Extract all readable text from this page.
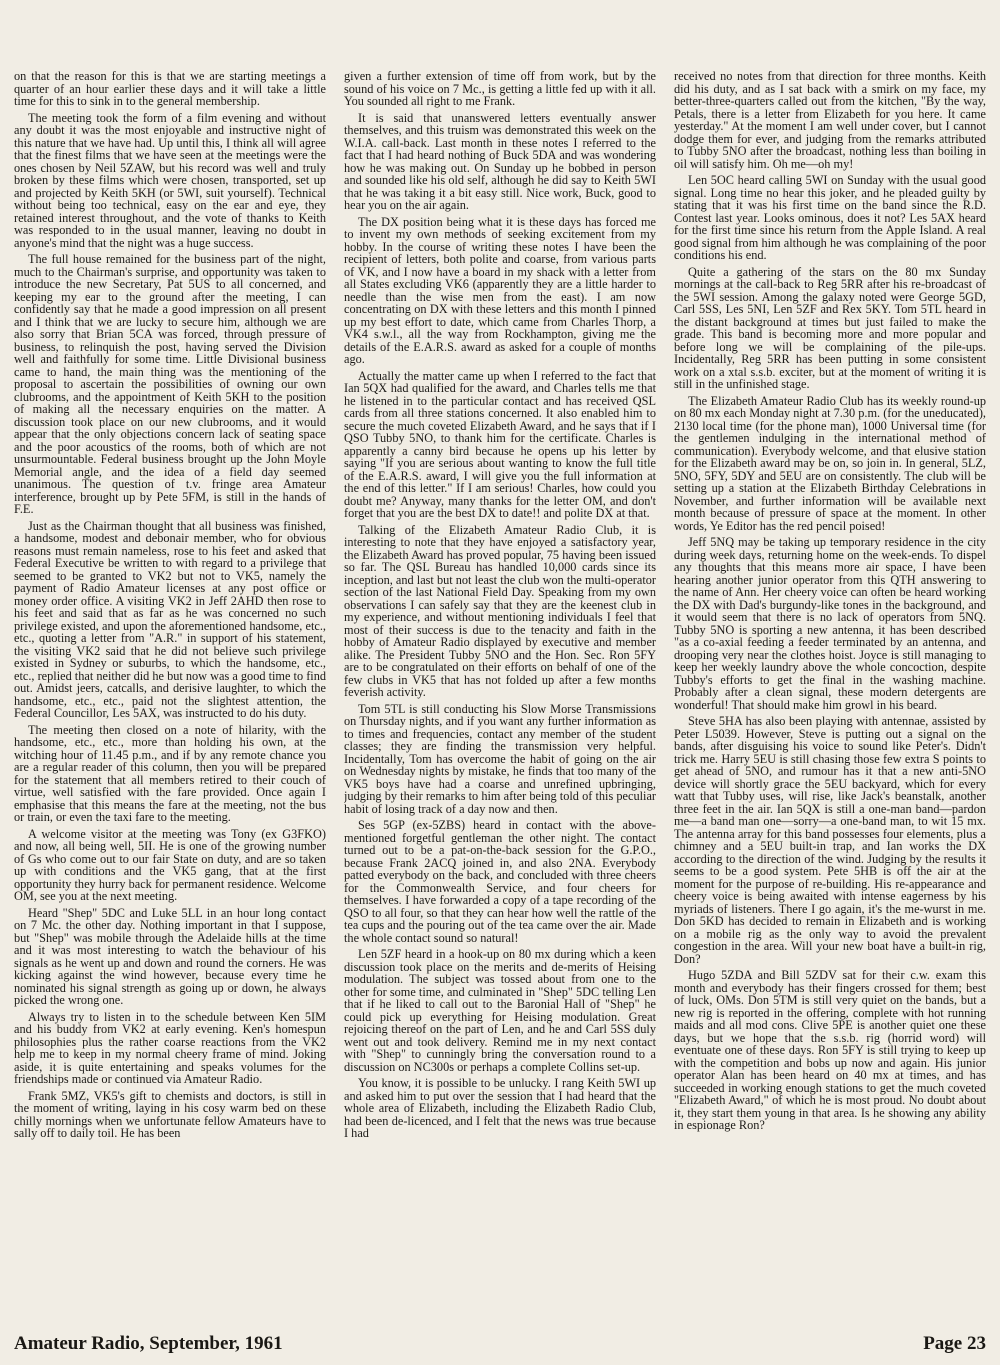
on that the reason for this is that we are starting meetings a quarter of an hour earlier these days and it will take a little time for this to sink in to the general membership.

The meeting took the form of a film evening and without any doubt it was the most enjoyable and instructive night of this nature that we have had. Up until this, I think all will agree that the finest films that we have seen at the meetings were the ones chosen by Neil 5ZAW, but his record was well and truly broken by these films which were chosen, transported, set up and projected by Keith 5KH (or 5WI, suit yourself). Technical without being too technical, easy on the ear and eye, they retained interest throughout, and the vote of thanks to Keith was responded to in the usual manner, leaving no doubt in anyone's mind that the night was a huge success.

The full house remained for the business part of the night, much to the Chairman's surprise, and opportunity was taken to introduce the new Secretary, Pat 5US to all concerned, and keeping my ear to the ground after the meeting, I can confidently say that he made a good impression on all present and I think that we are lucky to secure him, although we are also sorry that Brian 5CA was forced, through pressure of business, to relinquish the post, having served the Division well and faithfully for some time. Little Divisional business came to hand, the main thing was the mentioning of the proposal to ascertain the possibilities of owning our own clubrooms, and the appointment of Keith 5KH to the position of making all the necessary enquiries on the matter. A discussion took place on our new clubrooms, and it would appear that the only objections concern lack of seating space and the poor acoustics of the rooms, both of which are not unsurmountable. Federal business brought up the John Moyle Memorial angle, and the idea of a field day seemed unanimous. The question of t.v. fringe area Amateur interference, brought up by Pete 5FM, is still in the hands of F.E.

Just as the Chairman thought that all business was finished, a handsome, modest and debonair member, who for obvious reasons must remain nameless, rose to his feet and asked that Federal Executive be written to with regard to a privilege that seemed to be granted to VK2 but not to VK5, namely the payment of Radio Amateur licenses at any post office or money order office. A visiting VK2 in Jeff 2AHD then rose to his feet and said that as far as he was concerned no such privilege existed, and upon the aforementioned handsome, etc., etc., quoting a letter from "A.R." in support of his statement, the visiting VK2 said that he did not believe such privilege existed in Sydney or suburbs, to which the handsome, etc., etc., replied that neither did he but now was a good time to find out. Amidst jeers, catcalls, and derisive laughter, to which the handsome, etc., etc., paid not the slightest attention, the Federal Councillor, Les 5AX, was instructed to do his duty.

The meeting then closed on a note of hilarity, with the handsome, etc., etc., more than holding his own, at the witching hour of 11.45 p.m., and if by any remote chance you are a regular reader of this column, then you will be prepared for the statement that all members retired to their couch of virtue, well satisfied with the fare provided. Once again I emphasise that this means the fare at the meeting, not the bus or train, or even the taxi fare to the meeting.

A welcome visitor at the meeting was Tony (ex G3FKO) and now, all being well, 5II. He is one of the growing number of Gs who come out to our fair State on duty, and are so taken up with conditions and the VK5 gang, that at the first opportunity they hurry back for permanent residence. Welcome OM, see you at the next meeting.

Heard "Shep" 5DC and Luke 5LL in an hour long contact on 7 Mc. the other day. Nothing important in that I suppose, but "Shep" was mobile through the Adelaide hills at the time and it was most interesting to watch the behaviour of his signals as he went up and down and round the corners. He was kicking against the wind however, because every time he nominated his signal strength as going up or down, he always picked the wrong one.

Always try to listen in to the schedule between Ken 5IM and his buddy from VK2 at early evening. Ken's homespun philosophies plus the rather coarse reactions from the VK2 help me to keep in my normal cheery frame of mind. Joking aside, it is quite entertaining and speaks volumes for the friendships made or continued via Amateur Radio.

Frank 5MZ, VK5's gift to chemists and doctors, is still in the moment of writing, laying in his cosy warm bed on these chilly mornings when we unfortunate fellow Amateurs have to sally off to daily toil. He has been

given a further extension of time off from work, but by the sound of his voice on 7 Mc., is getting a little fed up with it all. You sounded all right to me Frank.

It is said that unanswered letters eventually answer themselves, and this truism was demonstrated this week on the W.I.A. call-back. Last month in these notes I referred to the fact that I had heard nothing of Buck 5DA and was wondering how he was making out. On Sunday up he bobbed in person and sounded like his old self, although he did say to Keith 5WI that he was taking it a bit easy still. Nice work, Buck, good to hear you on the air again.

The DX position being what it is these days has forced me to invent my own methods of seeking excitement from my hobby. In the course of writing these notes I have been the recipient of letters, both polite and coarse, from various parts of VK, and I now have a board in my shack with a letter from all States excluding VK6 (apparently they are a little harder to needle than the wise men from the east). I am now concentrating on DX with these letters and this month I pinned up my best effort to date, which came from Charles Thorp, a VK4 s.w.l., all the way from Rockhampton, giving me the details of the E.A.R.S. award as asked for a couple of months ago.

Actually the matter came up when I referred to the fact that Ian 5QX had qualified for the award, and Charles tells me that he listened in to the particular contact and has received QSL cards from all three stations concerned. It also enabled him to secure the much coveted Elizabeth Award, and he says that if I QSO Tubby 5NO, to thank him for the certificate. Charles is apparently a canny bird because he opens up his letter by saying "If you are serious about wanting to know the full title of the E.A.R.S. award, I will give you the full information at the end of this letter." If I am serious! Charles, how could you doubt me? Anyway, many thanks for the letter OM, and don't forget that you are the best DX to date!! and polite DX at that.

Talking of the Elizabeth Amateur Radio Club, it is interesting to note that they have enjoyed a satisfactory year, the Elizabeth Award has proved popular, 75 having been issued so far. The QSL Bureau has handled 10,000 cards since its inception, and last but not least the club won the multi-operator section of the last National Field Day. Speaking from my own observations I can safely say that they are the keenest club in my experience, and without mentioning individuals I feel that most of their success is due to the tenacity and faith in the hobby of Amateur Radio displayed by executive and member alike. The President Tubby 5NO and the Hon. Sec. Ron 5FY are to be congratulated on their efforts on behalf of one of the few clubs in VK5 that has not folded up after a few months feverish activity.

Tom 5TL is still conducting his Slow Morse Transmissions on Thursday nights, and if you want any further information as to times and frequencies, contact any member of the student classes; they are finding the transmission very helpful. Incidentally, Tom has overcome the habit of going on the air on Wednesday nights by mistake, he finds that too many of the VK5 boys have had a coarse and unrefined upbringing, judging by their remarks to him after being told of this peculiar habit of losing track of a day now and then.

Ses 5GP (ex-5ZBS) heard in contact with the above-mentioned forgetful gentleman the other night. The contact turned out to be a pat-on-the-back session for the G.P.O., because Frank 2ACQ joined in, and also 2NA. Everybody patted everybody on the back, and concluded with three cheers for the Commonwealth Service, and four cheers for themselves. I have forwarded a copy of a tape recording of the QSO to all four, so that they can hear how well the rattle of the tea cups and the pouring out of the tea came over the air. Made the whole contact sound so natural!

Len 5ZF heard in a hook-up on 80 mx during which a keen discussion took place on the merits and de-merits of Heising modulation. The subject was tossed about from one to the other for some time, and culminated in "Shep" 5DC telling Len that if he liked to call out to the Baronial Hall of "Shep" he could pick up everything for Heising modulation. Great rejoicing thereof on the part of Len, and he and Carl 5SS duly went out and took delivery. Remind me in my next contact with "Shep" to cunningly bring the conversation round to a discussion on NC300s or perhaps a complete Collins set-up.

You know, it is possible to be unlucky. I rang Keith 5WI up and asked him to put over the session that I had heard that the whole area of Elizabeth, including the Elizabeth Radio Club, had been de-licenced, and I felt that the news was true because I had

received no notes from that direction for three months. Keith did his duty, and as I sat back with a smirk on my face, my better-three-quarters called out from the kitchen, "By the way, Petals, there is a letter from Elizabeth for you here. It came yesterday." At the moment I am well under cover, but I cannot dodge them for ever, and judging from the remarks attributed to Tubby 5NO after the broadcast, nothing less than boiling in oil will satisfy him. Oh me—oh my!

Len 5OC heard calling 5WI on Sunday with the usual good signal. Long time no hear this joker, and he pleaded guilty by stating that it was his first time on the band since the R.D. Contest last year. Looks ominous, does it not? Les 5AX heard for the first time since his return from the Apple Island. A real good signal from him although he was complaining of the poor conditions his end.

Quite a gathering of the stars on the 80 mx Sunday mornings at the call-back to Reg 5RR after his re-broadcast of the 5WI session. Among the galaxy noted were George 5GD, Carl 5SS, Les 5NI, Len 5ZF and Rex 5KY. Tom 5TL heard in the distant background at times but just failed to make the grade. This band is becoming more and more popular and before long we will be complaining of the pile-ups. Incidentally, Reg 5RR has been putting in some consistent work on a xtal s.s.b. exciter, but at the moment of writing it is still in the unfinished stage.

The Elizabeth Amateur Radio Club has its weekly round-up on 80 mx each Monday night at 7.30 p.m. (for the uneducated), 2130 local time (for the phone man), 1000 Universal time (for the gentlemen indulging in the international method of communication). Everybody welcome, and that elusive station for the Elizabeth award may be on, so join in. In general, 5LZ, 5NO, 5FY, 5DY and 5EU are on consistently. The club will be setting up a station at the Elizabeth Birthday Celebrations in November, and further information will be available next month because of pressure of space at the moment. In other words, Ye Editor has the red pencil poised!

Jeff 5NQ may be taking up temporary residence in the city during week days, returning home on the week-ends. To dispel any thoughts that this means more air space, I have been hearing another junior operator from this QTH answering to the name of Ann. Her cheery voice can often be heard working the DX with Dad's burgundy-like tones in the background, and it would seem that there is no lack of operators from 5NQ. Tubby 5NO is sporting a new antenna, it has been described "as a co-axial feeding a feeder terminated by an antenna, and drooping very near the clothes hoist. Joyce is still managing to keep her weekly laundry above the whole concoction, despite Tubby's efforts to get the final in the washing machine. Probably after a clean signal, these modern detergents are wonderful! That should make him growl in his beard.

Steve 5HA has also been playing with antennae, assisted by Peter L5039. However, Steve is putting out a signal on the bands, after disguising his voice to sound like Peter's. Didn't trick me. Harry 5EU is still chasing those few extra S points to get ahead of 5NO, and rumour has it that a new anti-5NO device will shortly grace the 5EU backyard, which for every watt that Tubby uses, will rise, like Jack's beanstalk, another three feet in the air. Ian 5QX is still a one-man band—pardon me—a band man one—sorry—a one-band man, to wit 15 mx. The antenna array for this band possesses four elements, plus a chimney and a 5EU built-in trap, and Ian works the DX according to the direction of the wind. Judging by the results it seems to be a good system. Pete 5HB is off the air at the moment for the purpose of re-building. His re-appearance and cheery voice is being awaited with intense eagerness by his myriads of listeners. There I go again, it's the me-wurst in me. Don 5KD has decided to remain in Elizabeth and is working on a mobile rig as the only way to avoid the prevalent congestion in the area. Will your new boat have a built-in rig, Don?

Hugo 5ZDA and Bill 5ZDV sat for their c.w. exam this month and everybody has their fingers crossed for them; best of luck, OMs. Don 5TM is still very quiet on the bands, but a new rig is reported in the offering, complete with hot running maids and all mod cons. Clive 5PE is another quiet one these days, but we hope that the s.s.b. rig (horrid word) will eventuate one of these days. Ron 5FY is still trying to keep up with the competition and bobs up now and again. His junior operator Alan has been heard on 40 mx at times, and has succeeded in working enough stations to get the much coveted "Elizabeth Award," of which he is most proud. No doubt about it, they start them young in that area. Is he showing any ability in espionage Ron?

Amateur Radio, September, 1961	Page 23
